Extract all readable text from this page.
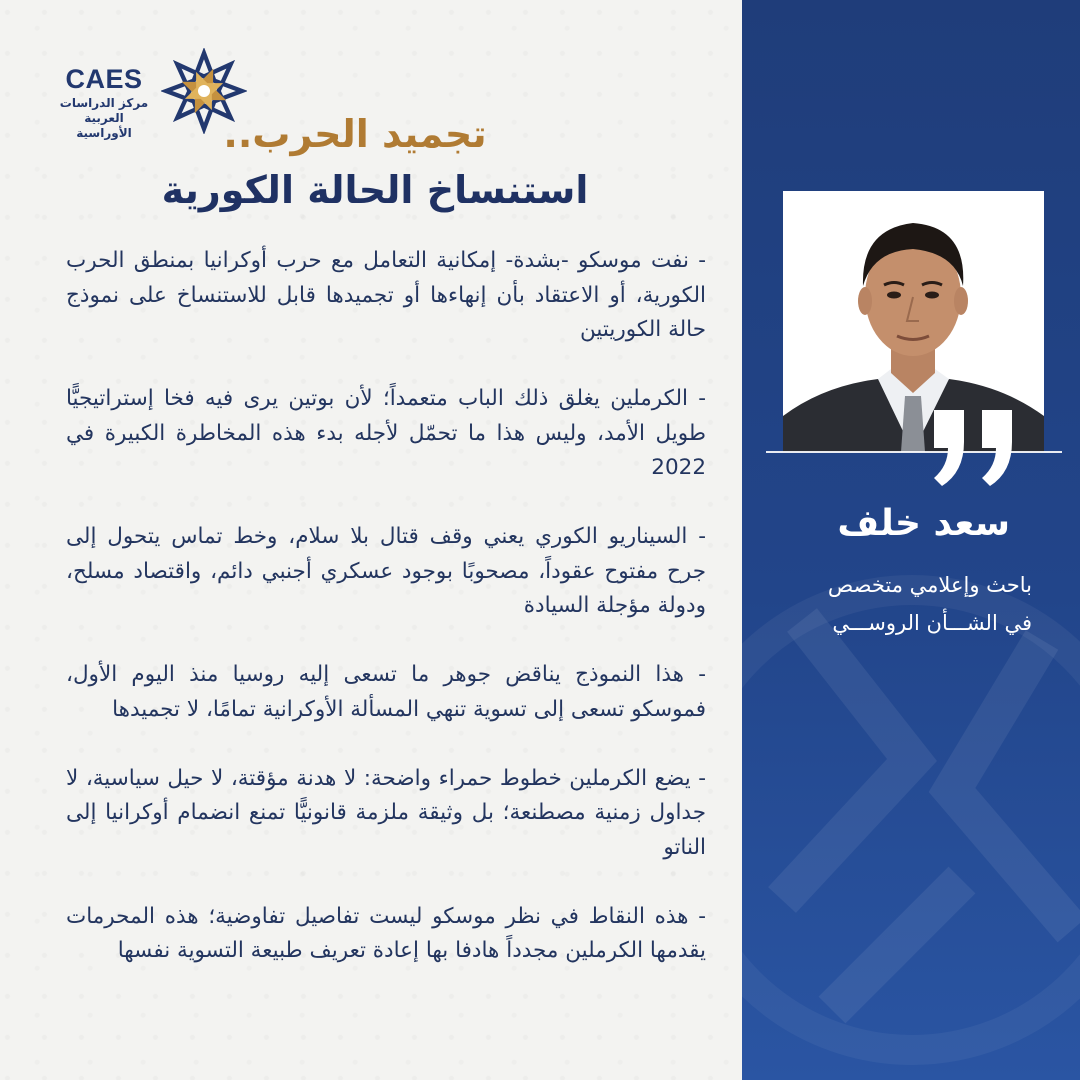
CAES
مركز الدراسات
العربية الأوراسية	تجميد الحرب..
استنساخ الحالة الكورية

- نفت موسكو -بشدة- إمكانية التعامل مع حرب أوكرانيا بمنطق الحرب الكورية، أو الاعتقاد بأن إنهاءها أو تجميدها قابل للاستنساخ على نموذج حالة الكوريتين

- الكرملين يغلق ذلك الباب متعمداً؛ لأن بوتين يرى فيه فخا إستراتيجيًّا طويل الأمد، وليس هذا ما تحمّل لأجله بدء هذه المخاطرة الكبيرة في 2022

- السيناريو الكوري يعني وقف قتال بلا سلام، وخط تماس يتحول إلى جرح مفتوح عقوداً، مصحوبًا بوجود عسكري أجنبي دائم، واقتصاد مسلح، ودولة مؤجلة السيادة

- هذا النموذج يناقض جوهر ما تسعى إليه روسيا منذ اليوم الأول، فموسكو تسعى إلى تسوية تنهي المسألة الأوكرانية تمامًا، لا تجميدها

- يضع الكرملين خطوط حمراء واضحة: لا هدنة مؤقتة، لا حيل سياسية، لا جداول زمنية مصطنعة؛ بل وثيقة ملزمة قانونيًّا تمنع انضمام أوكرانيا إلى الناتو

- هذه النقاط في نظر موسكو ليست تفاصيل تفاوضية؛ هذه المحرمات يقدمها الكرملين مجدداً هادفا بها إعادة تعريف طبيعة التسوية نفسها

سعد خلف
باحث وإعلامي متخصص
في الشـــأن الروســـي
